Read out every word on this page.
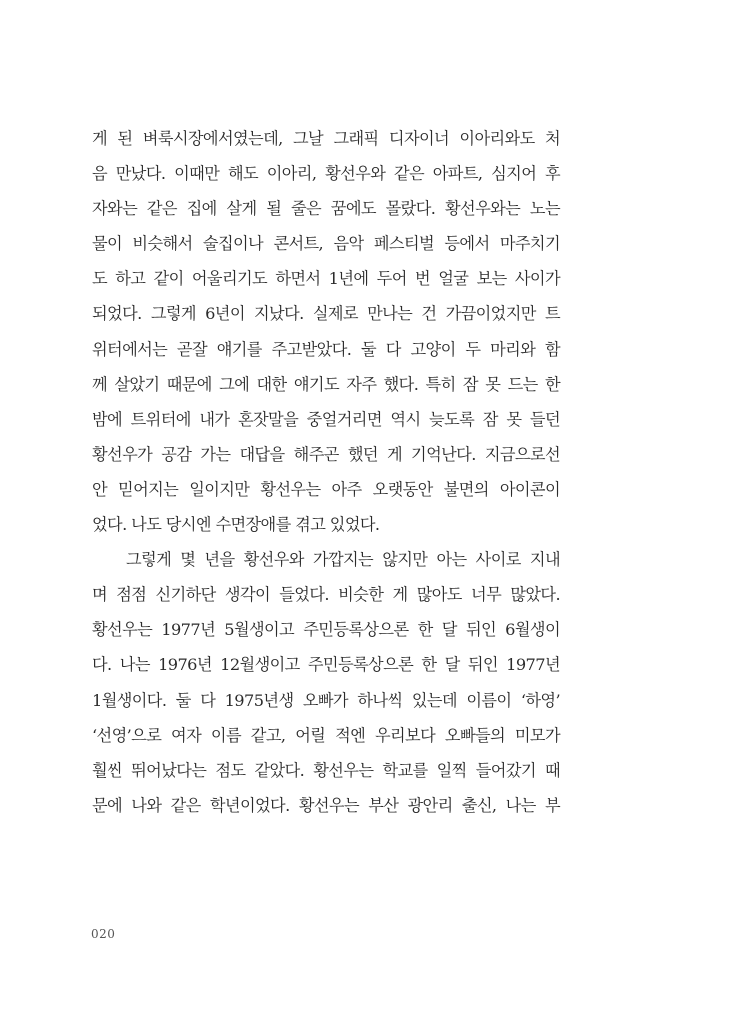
게 된 벼룩시장에서였는데, 그날 그래픽 디자이너 이아리와도 처
음 만났다. 이때만 해도 이아리, 황선우와 같은 아파트, 심지어 후
자와는 같은 집에 살게 될 줄은 꿈에도 몰랐다. 황선우와는 노는
물이 비슷해서 술집이나 콘서트, 음악 페스티벌 등에서 마주치기
도 하고 같이 어울리기도 하면서 1년에 두어 번 얼굴 보는 사이가
되었다. 그렇게 6년이 지났다. 실제로 만나는 건 가끔이었지만 트
위터에서는 곧잘 얘기를 주고받았다. 둘 다 고양이 두 마리와 함
께 살았기 때문에 그에 대한 얘기도 자주 했다. 특히 잠 못 드는 한
밤에 트위터에 내가 혼잣말을 중얼거리면 역시 늦도록 잠 못 들던
황선우가 공감 가는 대답을 해주곤 했던 게 기억난다. 지금으로선
안 믿어지는 일이지만 황선우는 아주 오랫동안 불면의 아이콘이
었다. 나도 당시엔 수면장애를 겪고 있었다.
그렇게 몇 년을 황선우와 가깝지는 않지만 아는 사이로 지내
며 점점 신기하단 생각이 들었다. 비슷한 게 많아도 너무 많았다.
황선우는 1977년 5월생이고 주민등록상으론 한 달 뒤인 6월생이
다. 나는 1976년 12월생이고 주민등록상으론 한 달 뒤인 1977년
1월생이다. 둘 다 1975년생 오빠가 하나씩 있는데 이름이 ‘하영’
‘선영’으로 여자 이름 같고, 어릴 적엔 우리보다 오빠들의 미모가
훨씬 뛰어났다는 점도 같았다. 황선우는 학교를 일찍 들어갔기 때
문에 나와 같은 학년이었다. 황선우는 부산 광안리 출신, 나는 부
020
